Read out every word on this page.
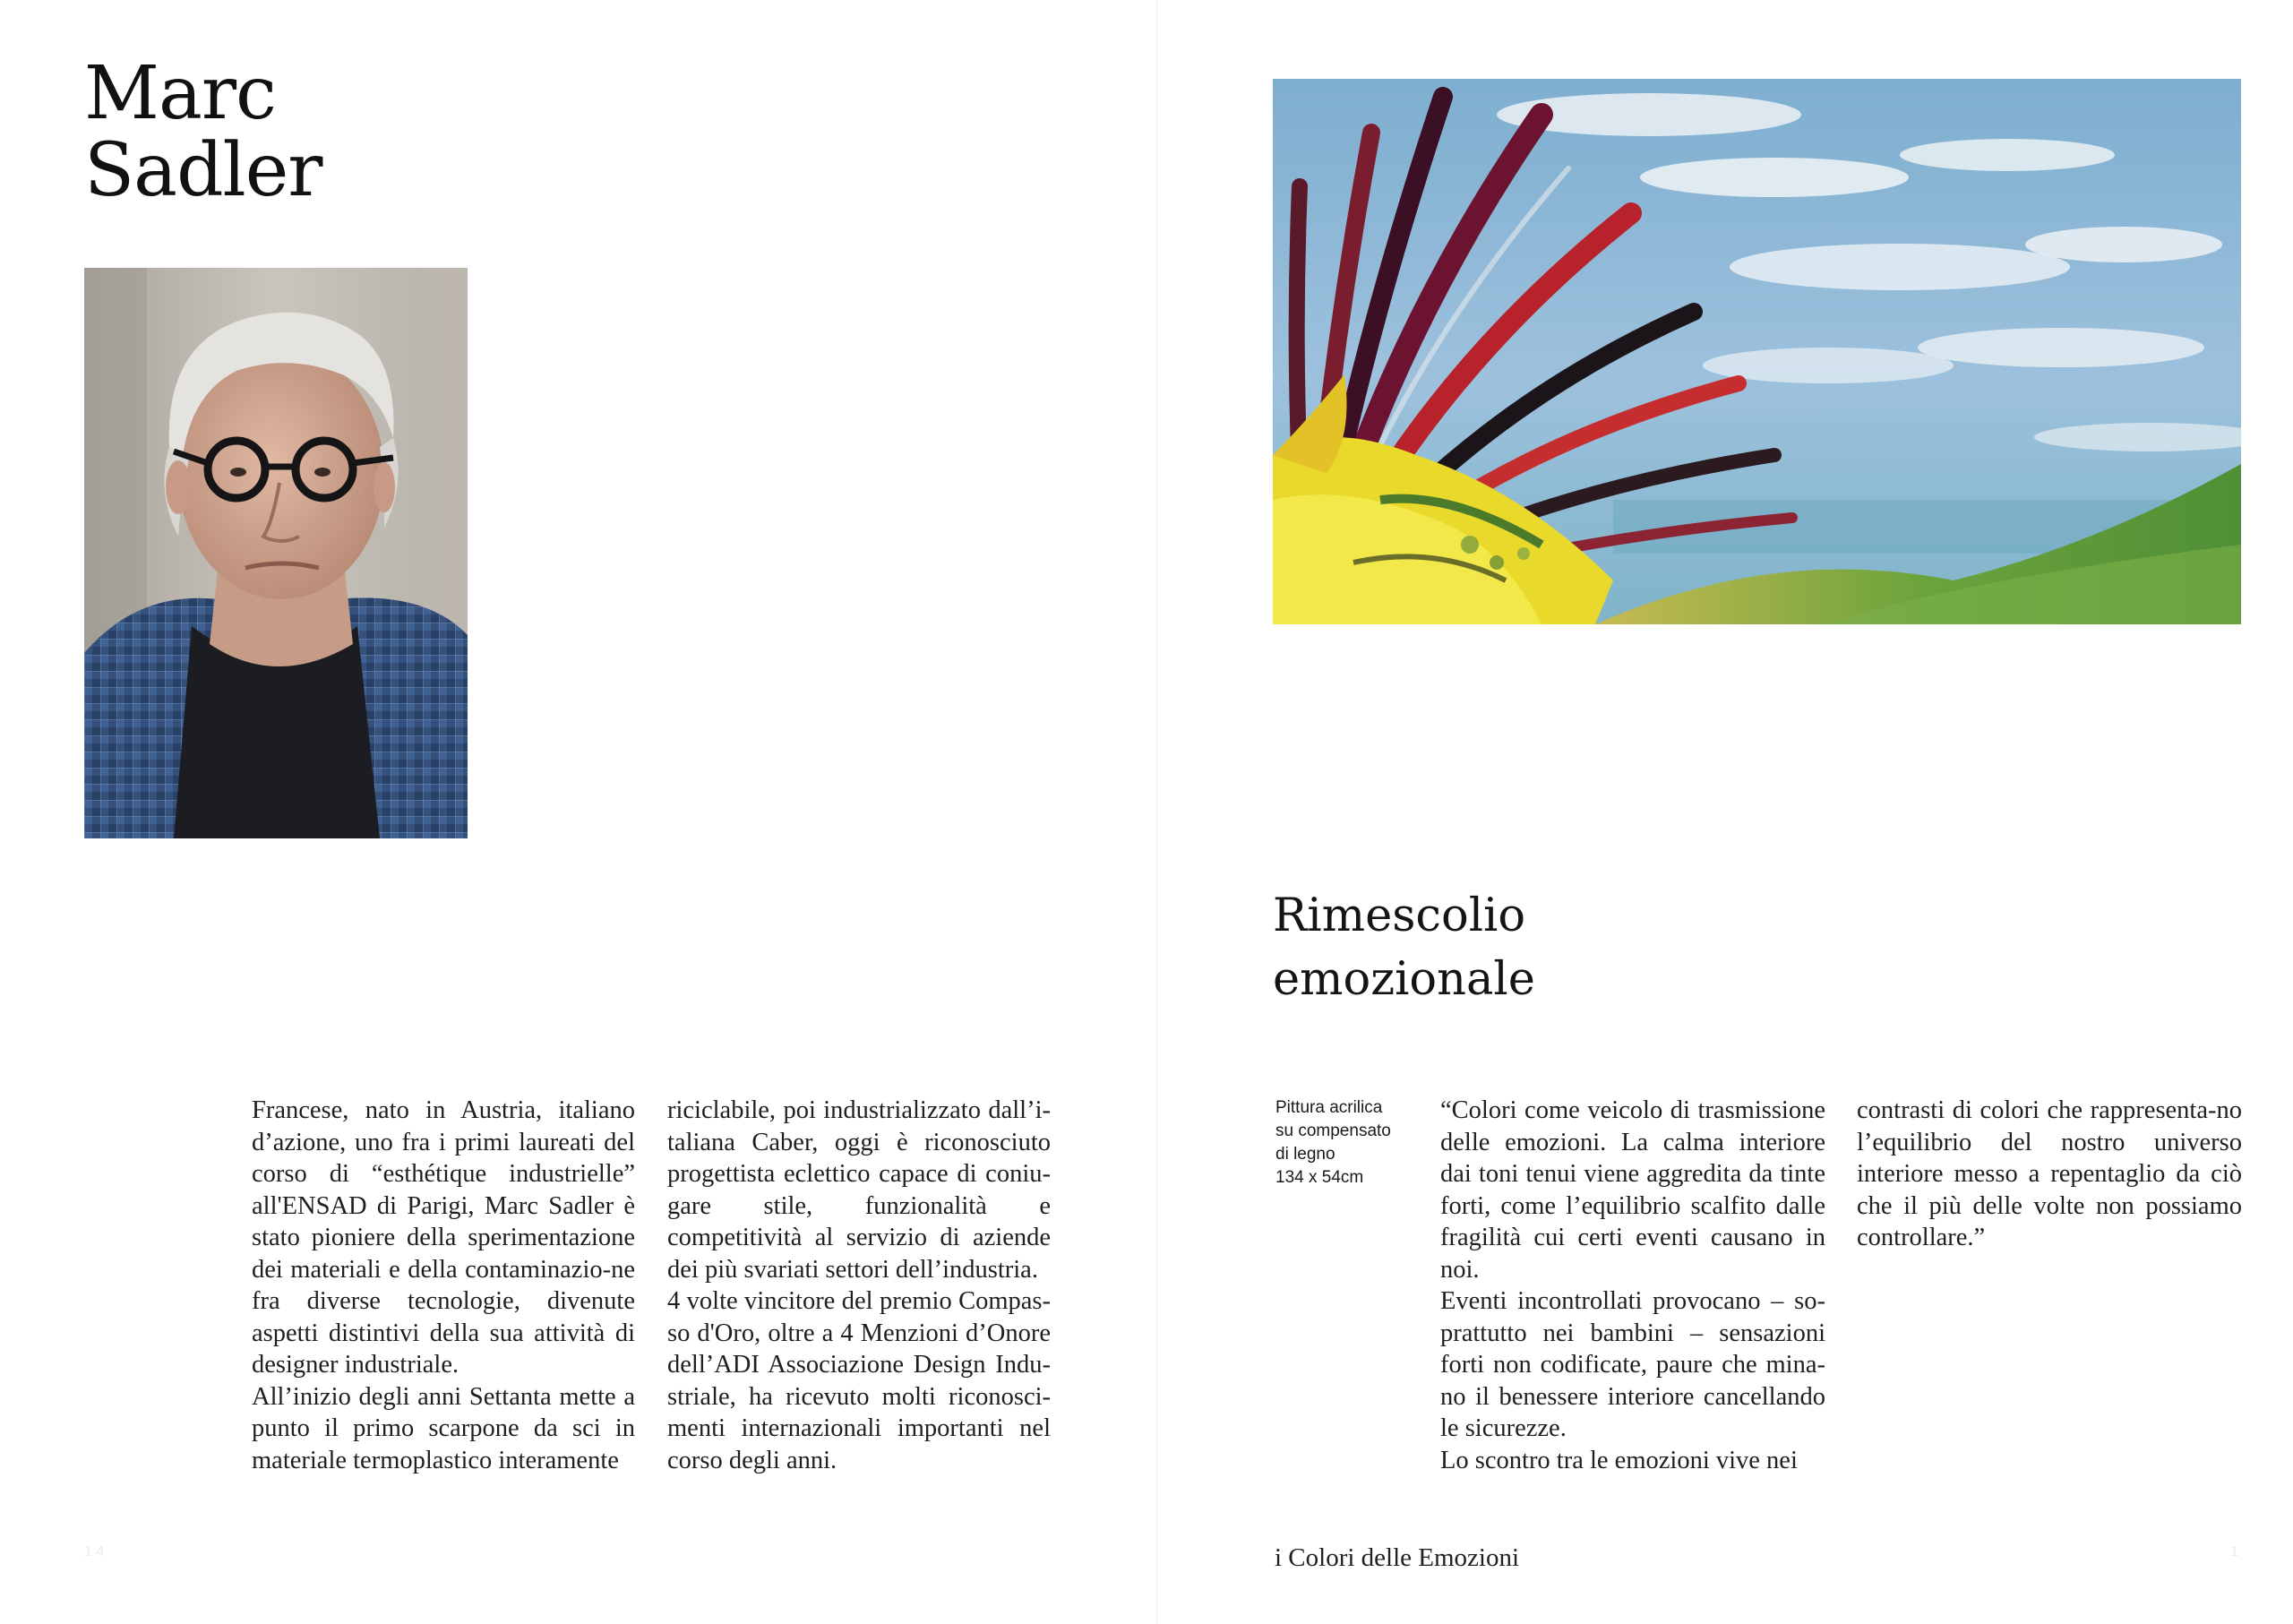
Marc
Sadler

Francese, nato in Austria, italiano d’azione, uno fra i primi laureati del corso di “esthétique industrielle” all'ENSAD di Parigi, Marc Sadler è stato pioniere della sperimentazione dei materiali e della contaminazio-ne fra diverse tecnologie, divenute aspetti distintivi della sua attività di designer industriale.

All’inizio degli anni Settanta mette a punto il primo scarpone da sci in materiale termoplastico interamente

riciclabile, poi industrializzato dall’i-taliana Caber, oggi è riconosciuto progettista eclettico capace di coniu-gare stile, funzionalità e competitività al servizio di aziende dei più svariati settori dell’industria.

4 volte vincitore del premio Compas-so d'Oro, oltre a 4 Menzioni d’Onore dell’ADI Associazione Design Indu-striale, ha ricevuto molti riconosci-menti internazionali importanti nel corso degli anni.

1 4
Rimescolio
emozionale
Pittura acrilica
su compensato
di legno
134 x 54cm

“Colori come veicolo di trasmissione delle emozioni. La calma interiore dai toni tenui viene aggredita da tinte forti, come l’equilibrio scalfito dalle fragilità cui certi eventi causano in noi.

Eventi incontrollati provocano – so-prattutto nei bambini – sensazioni forti non codificate, paure che mina-no il benessere interiore cancellando le sicurezze.

Lo scontro tra le emozioni vive nei

contrasti di colori che rappresenta-no l’equilibrio del nostro universo interiore messo a repentaglio da ciò che il più delle volte non possiamo controllare.”

i Colori delle Emozioni	1
